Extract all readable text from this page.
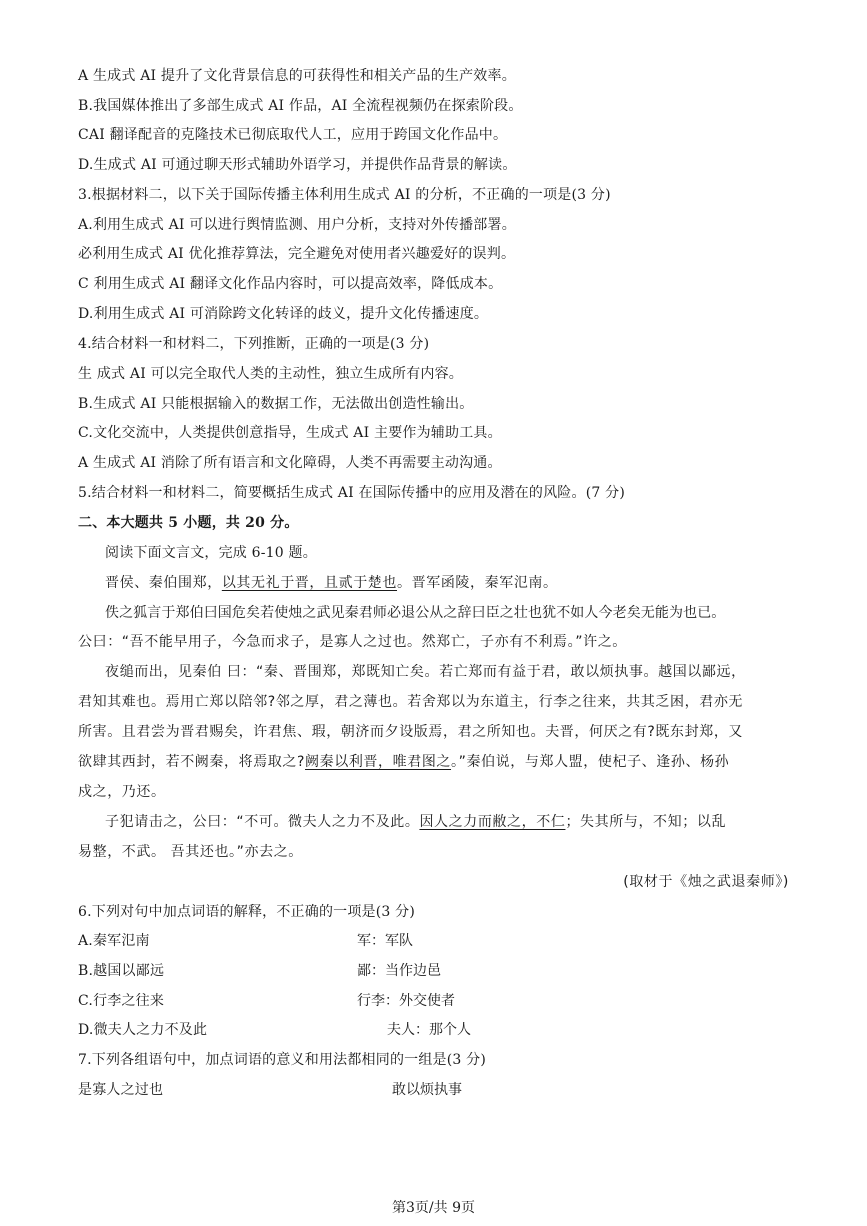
A 生成式 AI 提升了文化背景信息的可获得性和相关产品的生产效率。
B.我国媒体推出了多部生成式 AI 作品，AI 全流程视频仍在探索阶段。
CAI 翻译配音的克隆技术已彻底取代人工，应用于跨国文化作品中。
D.生成式 AI 可通过聊天形式辅助外语学习，并提供作品背景的解读。
3.根据材料二，以下关于国际传播主体利用生成式 AI 的分析，不正确的一项是(3 分)
A.利用生成式 AI 可以进行舆情监测、用户分析，支持对外传播部署。
必利用生成式 AI 优化推荐算法，完全避免对使用者兴趣爱好的误判。
C 利用生成式 AI 翻译文化作品内容时，可以提高效率，降低成本。
D.利用生成式 AI 可消除跨文化转译的歧义，提升文化传播速度。
4.结合材料一和材料二，下列推断，正确的一项是(3 分)
生 成式 AI 可以完全取代人类的主动性，独立生成所有内容。
B.生成式 AI 只能根据输入的数据工作，无法做出创造性输出。
C.文化交流中，人类提供创意指导，生成式 AI 主要作为辅助工具。
A 生成式 AI 消除了所有语言和文化障碍，人类不再需要主动沟通。
5.结合材料一和材料二，简要概括生成式 AI 在国际传播中的应用及潜在的风险。(7 分)
二、本大题共 5 小题，共 20 分。
阅读下面文言文，完成 6-10 题。
晋侯、秦伯围郑，以其无礼于晋，且贰于楚也。晋军函陵，秦军氾南。
佚之狐言于郑伯曰国危矣若使烛之武见秦君师必退公从之辞曰臣之壮也犹不如人今老矣无能为也已。
公曰：“吾不能早用子，今急而求子，是寡人之过也。然郑亡，子亦有不利焉。”许之。
夜缒而出，见秦伯 曰：“秦、晋围郑，郑既知亡矣。若亡郑而有益于君，敢以烦执事。越国以鄙远，
君知其难也。焉用亡郑以陪邻?邻之厚，君之薄也。若舍郑以为东道主，行李之往来，共其乏困，君亦无
所害。且君尝为晋君赐矣，许君焦、瑕，朝济而夕设版焉，君之所知也。夫晋，何厌之有?既东封郑，又
欲肆其西封，若不阙秦，将焉取之?阙秦以利晋，唯君图之。”秦伯说，与郑人盟，使杞子、逢孙、杨孙
戍之，乃还。
子犯请击之，公曰：“不可。微夫人之力不及此。因人之力而敝之，不仁；失其所与，不知；以乱
易整，不武。 吾其还也。”亦去之。
(取材于《烛之武退秦师》)
6.下列对句中加点词语的解释，不正确的一项是(3 分)
A.秦军氾南	军：军队
B.越国以鄙远	鄙：当作边邑
C.行李之往来	行李：外交使者
D.微夫人之力不及此	夫人：那个人
7.下列各组语句中，加点词语的意义和用法都相同的一组是(3 分)
是寡人之过也	敢以烦执事
第3页/共 9页
